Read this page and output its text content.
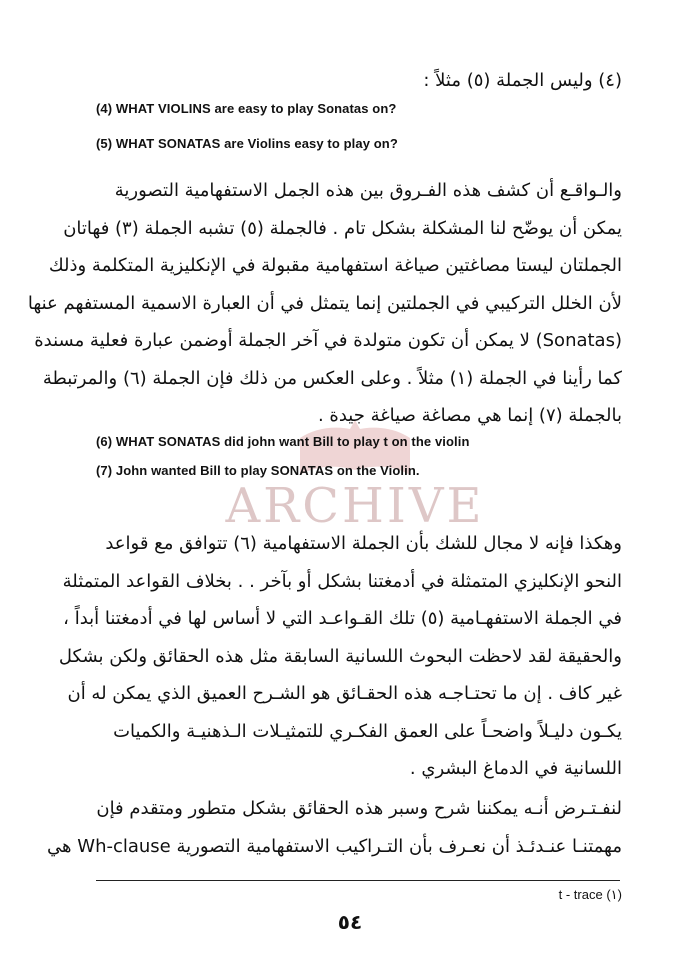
ARCHIVE
(٤) وليس الجملة (٥) مثلاً :
(4) WHAT VIOLINS are easy to play Sonatas on?
(5) WHAT SONATAS are Violins easy to play on?
والـواقـع أن كشف هذه الفـروق بين هذه الجمل الاستفهامية التصورية
يمكن أن يوضّح لنا المشكلة بشكل تام . فالجملة (٥) تشبه الجملة (٣) فهاتان
الجملتان ليستا مصاغتين صياغة استفهامية مقبولة في الإنكليزية المتكلمة وذلك
لأن الخلل التركيبي في الجملتين إنما يتمثل في أن العبارة الاسمية المستفهم عنها
(Sonatas) لا يمكن أن تكون متولدة في آخر الجملة أوضمن عبارة فعلية مسندة
كما رأينا في الجملة (١) مثلاً . وعلى العكس من ذلك فإن الجملة (٦) والمرتبطة
بالجملة (٧) إنما هي مصاغة صياغة جيدة .
(6) WHAT SONATAS did john want Bill to play t on the violin
(7) John wanted Bill to play SONATAS on the Violin.
وهكذا فإنه لا مجال للشك بأن الجملة الاستفهامية (٦) تتوافق مع قواعد
النحو الإنكليزي المتمثلة في أدمغتنا بشكل أو بآخر . . بخلاف القواعد المتمثلة
في الجملة الاستفهـامية (٥) تلك القـواعـد التي لا أساس لها في أدمغتنا أبداً ،
والحقيقة لقد لاحظت البحوث اللسانية السابقة مثل هذه الحقائق ولكن بشكل
غير كاف . إن ما تحتـاجـه هذه الحقـائق هو الشـرح العميق الذي يمكن له أن
يكـون دليـلاً واضحـاً على العمق الفكـري للتمثيـلات الـذهنيـة والكميات
اللسانية في الدماغ البشري .
لنفـتـرض أنـه يمكننا شرح وسبر هذه الحقائق بشكل متطور ومتقدم فإن
مهمتنـا عنـدئـذ أن نعـرف بأن التـراكيب الاستفهامية التصورية Wh-clause هي
(١) t - trace
٥٤
